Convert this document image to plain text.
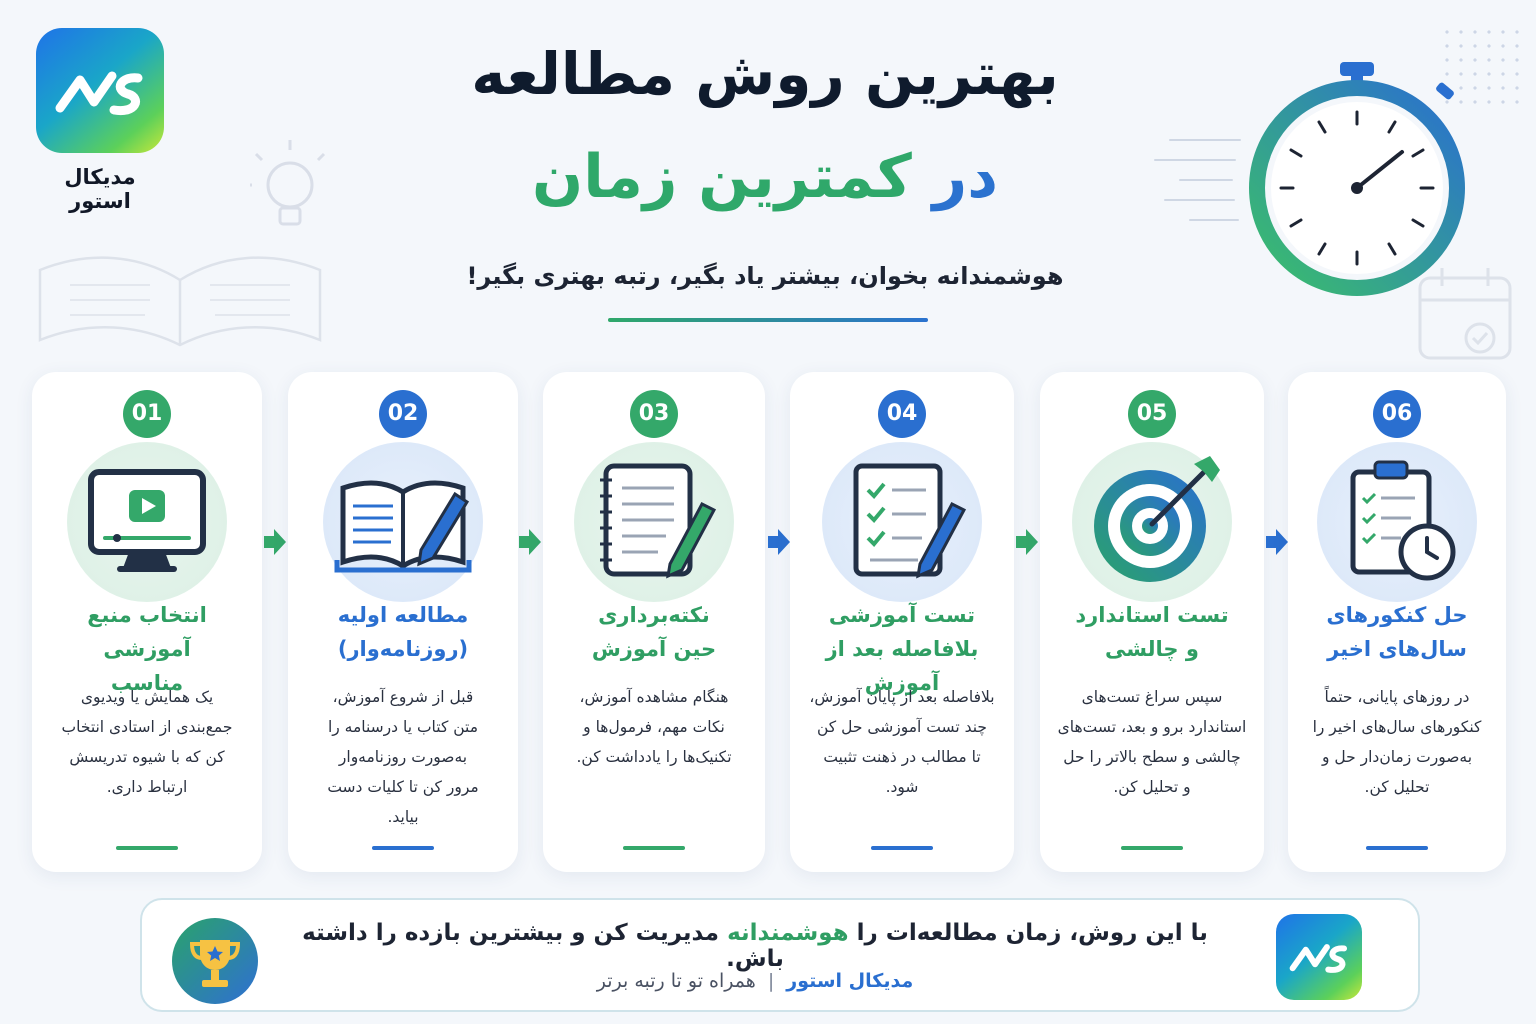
مدیکال استور
بهترین روش مطالعه
در کمترین زمان
هوشمندانه بخوان، بیشتر یاد بگیر، رتبه بهتری بگیر!
01
انتخاب منبع آموزشی
مناسب
یک همایش یا ویدیوی
جمع‌بندی از استادی انتخاب
کن که با شیوه تدریسش
ارتباط داری.
02
مطالعه اولیه
(روزنامه‌وار)
قبل از شروع آموزش،
متن کتاب یا درسنامه را
به‌صورت روزنامه‌وار
مرور کن تا کلیات دست
بیاید.
03
نکته‌برداری
حین آموزش
هنگام مشاهده آموزش،
نکات مهم، فرمول‌ها و
تکنیک‌ها را یادداشت کن.
04
تست آموزشی
بلافاصله بعد از آموزش
بلافاصله بعد از پایان آموزش،
چند تست آموزشی حل کن
تا مطالب در ذهنت تثبیت
شود.
05
تست استاندارد
و چالشی
سپس سراغ تست‌های
استاندارد برو و بعد، تست‌های
چالشی و سطح بالاتر را حل
و تحلیل کن.
06
حل کنکورهای
سال‌های اخیر
در روزهای پایانی، حتماً
کنکورهای سال‌های اخیر را
به‌صورت زمان‌دار حل و
تحلیل کن.
با این روش، زمان مطالعه‌ات را هوشمندانه مدیریت کن و بیشترین بازده را داشته باش.
مدیکال استور | همراه تو تا رتبه برتر
